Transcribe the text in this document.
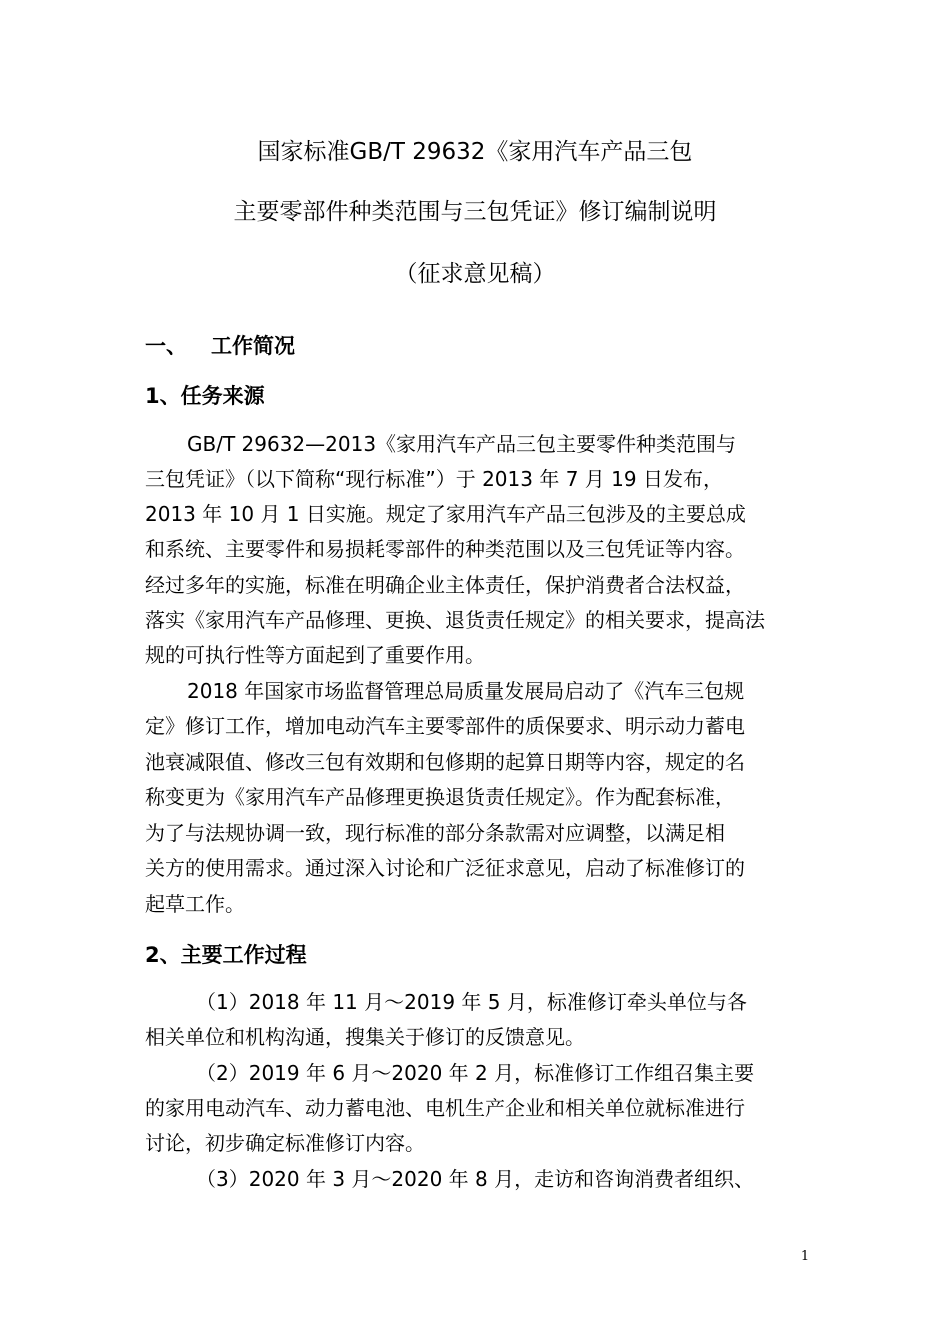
国家标准GB/T 29632《家用汽车产品三包
主要零部件种类范围与三包凭证》修订编制说明
（征求意见稿）
一、 工作简况
1、任务来源
GB/T 29632—2013《家用汽车产品三包主要零件种类范围与
三包凭证》（以下简称“现行标准”）于 2013 年 7 月 19 日发布，
2013 年 10 月 1 日实施。规定了家用汽车产品三包涉及的主要总成
和系统、主要零件和易损耗零部件的种类范围以及三包凭证等内容。
经过多年的实施，标准在明确企业主体责任，保护消费者合法权益，
落实《家用汽车产品修理、更换、退货责任规定》的相关要求，提高法
规的可执行性等方面起到了重要作用。
2018 年国家市场监督管理总局质量发展局启动了《汽车三包规
定》修订工作，增加电动汽车主要零部件的质保要求、明示动力蓄电
池衰减限值、修改三包有效期和包修期的起算日期等内容，规定的名
称变更为《家用汽车产品修理更换退货责任规定》。作为配套标准，
为了与法规协调一致，现行标准的部分条款需对应调整，以满足相
关方的使用需求。通过深入讨论和广泛征求意见，启动了标准修订的
起草工作。
2、主要工作过程
（1）2018 年 11 月～2019 年 5 月，标准修订牵头单位与各
相关单位和机构沟通，搜集关于修订的反馈意见。
（2）2019 年 6 月～2020 年 2 月，标准修订工作组召集主要
的家用电动汽车、动力蓄电池、电机生产企业和相关单位就标准进行
讨论，初步确定标准修订内容。
（3）2020 年 3 月～2020 年 8 月，走访和咨询消费者组织、
1
